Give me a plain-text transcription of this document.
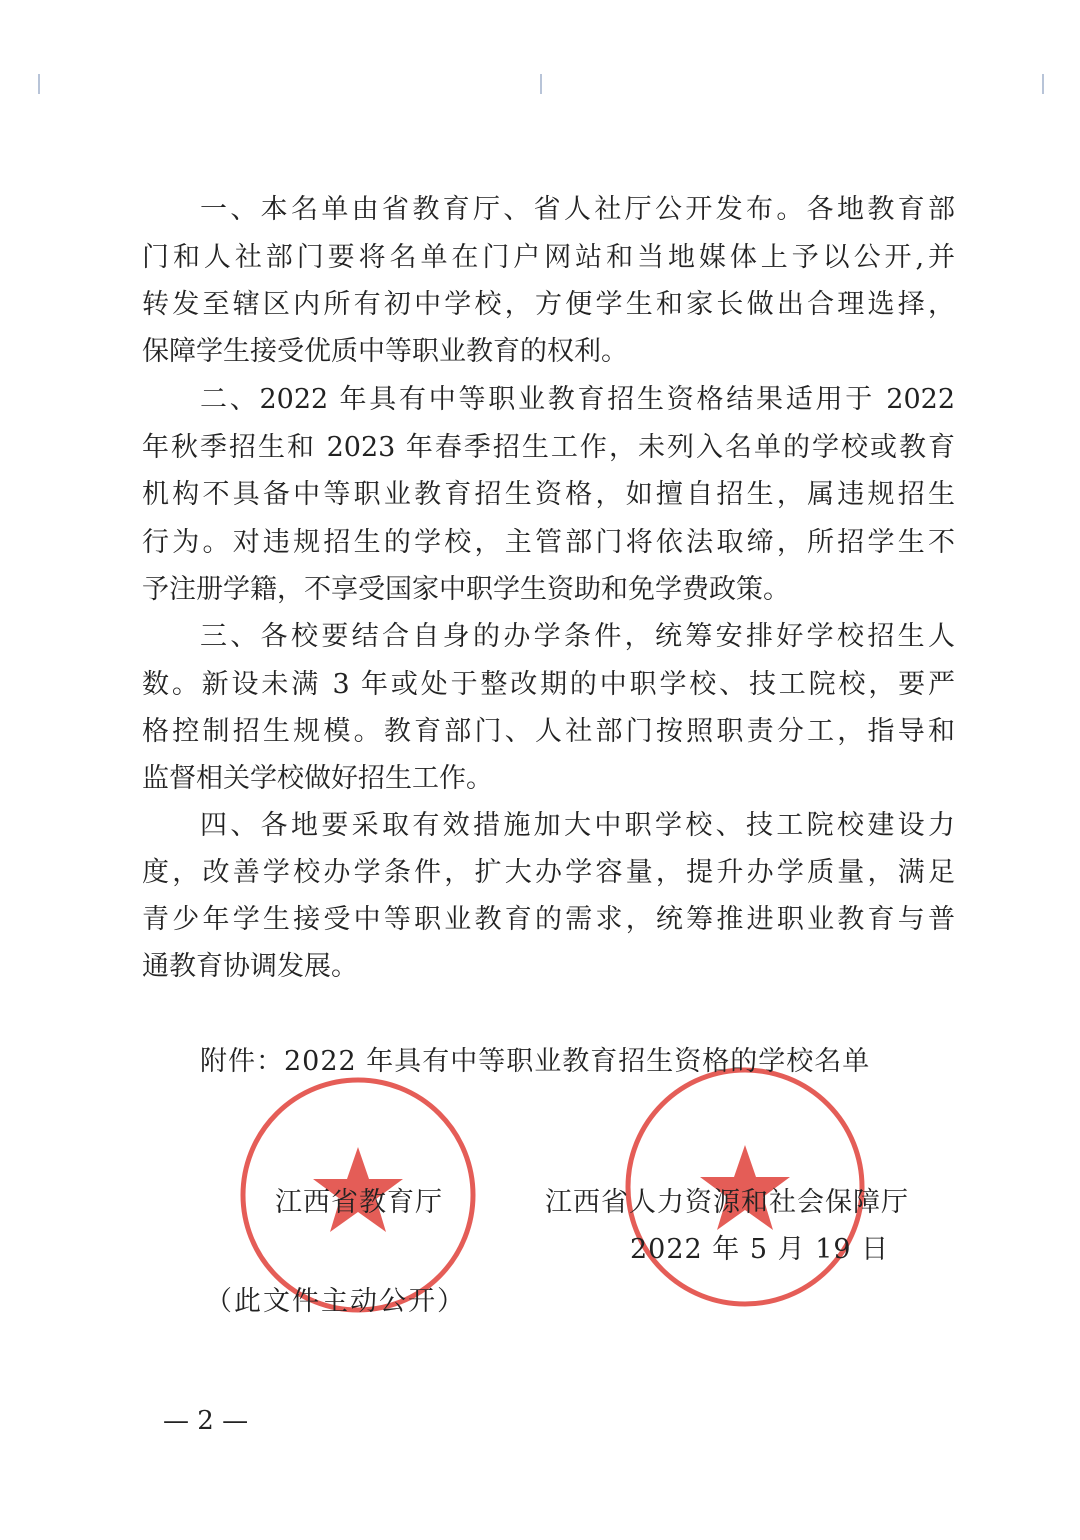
一、本名单由省教育厅、省人社厅公开发布。各地教育部
门和人社部门要将名单在门户网站和当地媒体上予以公开,并
转发至辖区内所有初中学校，方便学生和家长做出合理选择，
保障学生接受优质中等职业教育的权利。
二、2022 年具有中等职业教育招生资格结果适用于 2022
年秋季招生和 2023 年春季招生工作，未列入名单的学校或教育
机构不具备中等职业教育招生资格，如擅自招生，属违规招生
行为。对违规招生的学校，主管部门将依法取缔，所招学生不
予注册学籍，不享受国家中职学生资助和免学费政策。
三、各校要结合自身的办学条件，统筹安排好学校招生人
数。新设未满 3 年或处于整改期的中职学校、技工院校，要严
格控制招生规模。教育部门、人社部门按照职责分工，指导和
监督相关学校做好招生工作。
四、各地要采取有效措施加大中职学校、技工院校建设力
度，改善学校办学条件，扩大办学容量，提升办学质量，满足
青少年学生接受中等职业教育的需求，统筹推进职业教育与普
通教育协调发展。
附件：2022 年具有中等职业教育招生资格的学校名单
江西省教育厅	江西省人力资源和社会保障厅
2022 年 5 月 19 日
（此文件主动公开）
— 2 —
